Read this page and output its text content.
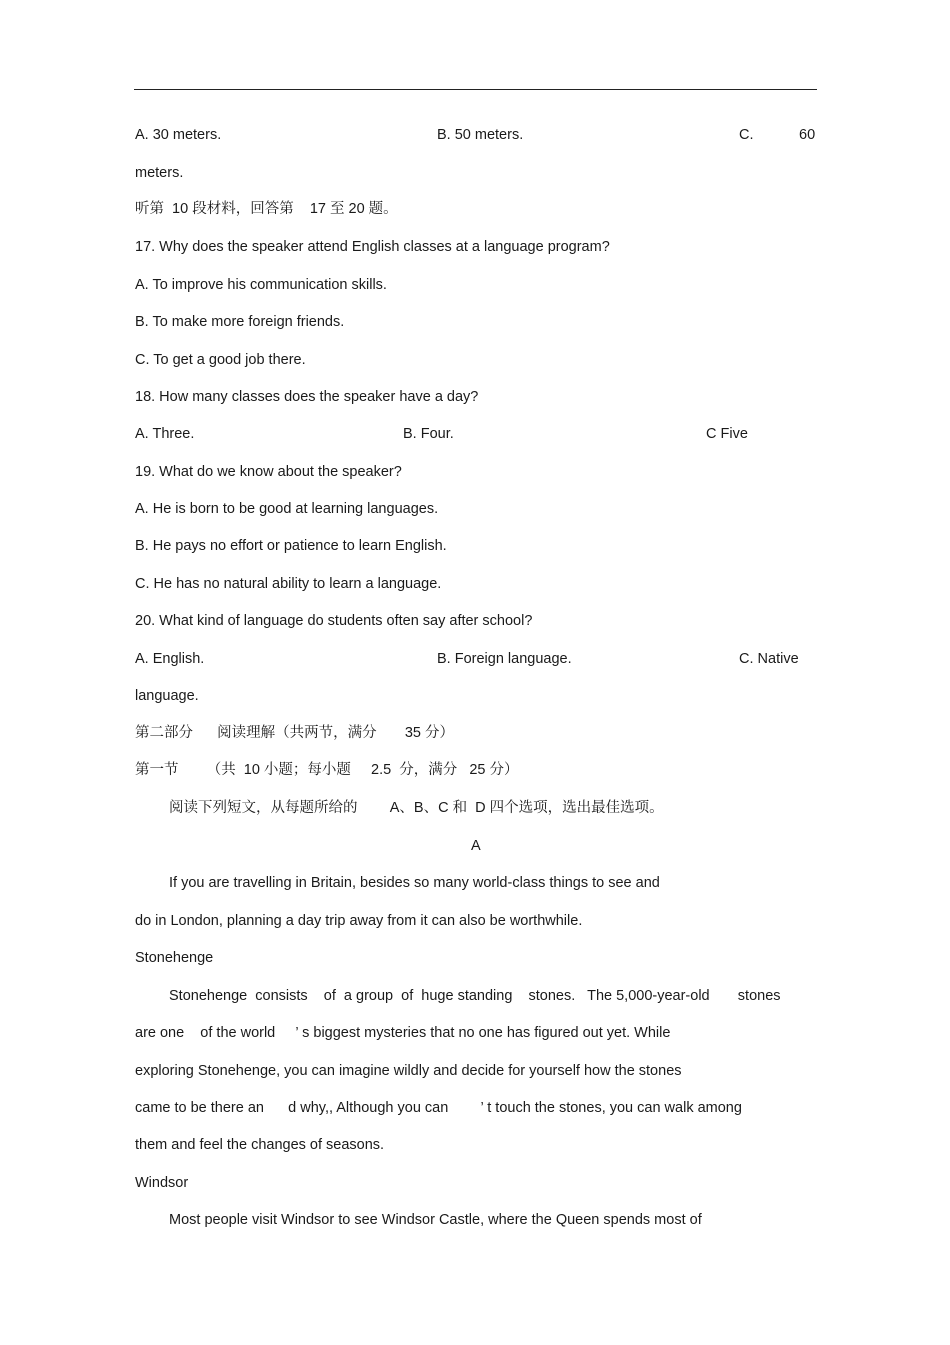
A. 30 meters.	B. 50 meters.	C.	60
meters.
听第  10 段材料，回答第    17 至 20 题。
17. Why does the speaker attend English classes at a language program?
A. To improve his communication skills.
B. To make more foreign friends.
C. To get a good job there.
18. How many classes does the speaker have a day?
A. Three.	B. Four.	C Five
19. What do we know about the speaker?
A. He is born to be good at learning languages.
B. He pays no effort or patience to learn English.
C. He has no natural ability to learn a language.
20. What kind of language do students often say after school?
A. English.	B. Foreign language.	C. Native
language.
第二部分      阅读理解（共两节，满分       35 分）
第一节       （共  10 小题；每小题     2.5  分，满分   25 分）
阅读下列短文，从每题所给的        A、B、C 和  D 四个选项，选出最佳选项。
A
If you are travelling in Britain, besides so many world-class things to see and
do in London, planning a day trip away from it can also be worthwhile.
Stonehenge
Stonehenge  consists    of  a group  of  huge standing    stones.   The 5,000-year-old       stones
are one    of the world     ’ s biggest mysteries that no one has figured out yet. While
exploring Stonehenge, you can imagine wildly and decide for yourself how the stones
came to be there an      d why,, Although you can        ’ t touch the stones, you can walk among
them and feel the changes of seasons.
Windsor
Most people visit Windsor to see Windsor Castle, where the Queen spends most of
